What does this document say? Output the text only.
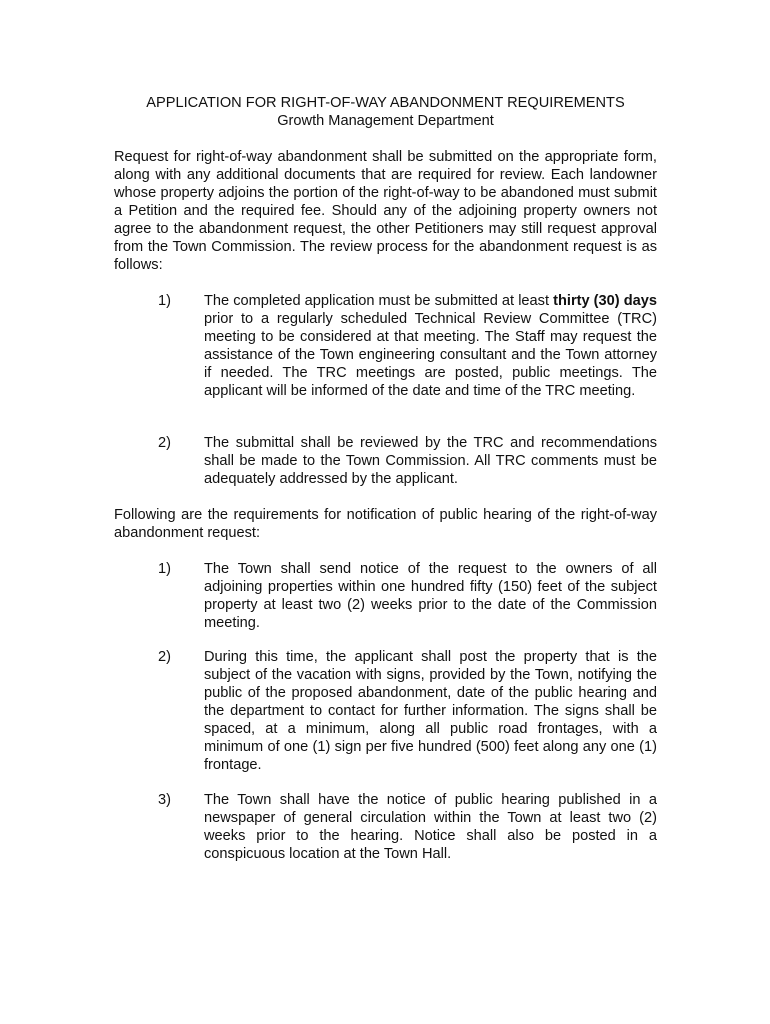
APPLICATION FOR RIGHT-OF-WAY ABANDONMENT REQUIREMENTS
Growth Management Department

Request for right-of-way abandonment shall be submitted on the appropriate form, along with any additional documents that are required for review. Each landowner whose property adjoins the portion of the right-of-way to be abandoned must submit a Petition and the required fee. Should any of the adjoining property owners not agree to the abandonment request, the other Petitioners may still request approval from the Town Commission. The review process for the abandonment request is as follows:

1)	The completed application must be submitted at least thirty (30) days prior to a regularly scheduled Technical Review Committee (TRC) meeting to be considered at that meeting. The Staff may request the assistance of the Town engineering consultant and the Town attorney if needed. The TRC meetings are posted, public meetings. The applicant will be informed of the date and time of the TRC meeting.

2)	The submittal shall be reviewed by the TRC and recommendations shall be made to the Town Commission. All TRC comments must be adequately addressed by the applicant.

Following are the requirements for notification of public hearing of the right-of-way abandonment request:

1)	The Town shall send notice of the request to the owners of all adjoining properties within one hundred fifty (150) feet of the subject property at least two (2) weeks prior to the date of the Commission meeting.

2)	During this time, the applicant shall post the property that is the subject of the vacation with signs, provided by the Town, notifying the public of the proposed abandonment, date of the public hearing and the department to contact for further information. The signs shall be spaced, at a minimum, along all public road frontages, with a minimum of one (1) sign per five hundred (500) feet along any one (1) frontage.

3)	The Town shall have the notice of public hearing published in a newspaper of general circulation within the Town at least two (2) weeks prior to the hearing. Notice shall also be posted in a conspicuous location at the Town Hall.
